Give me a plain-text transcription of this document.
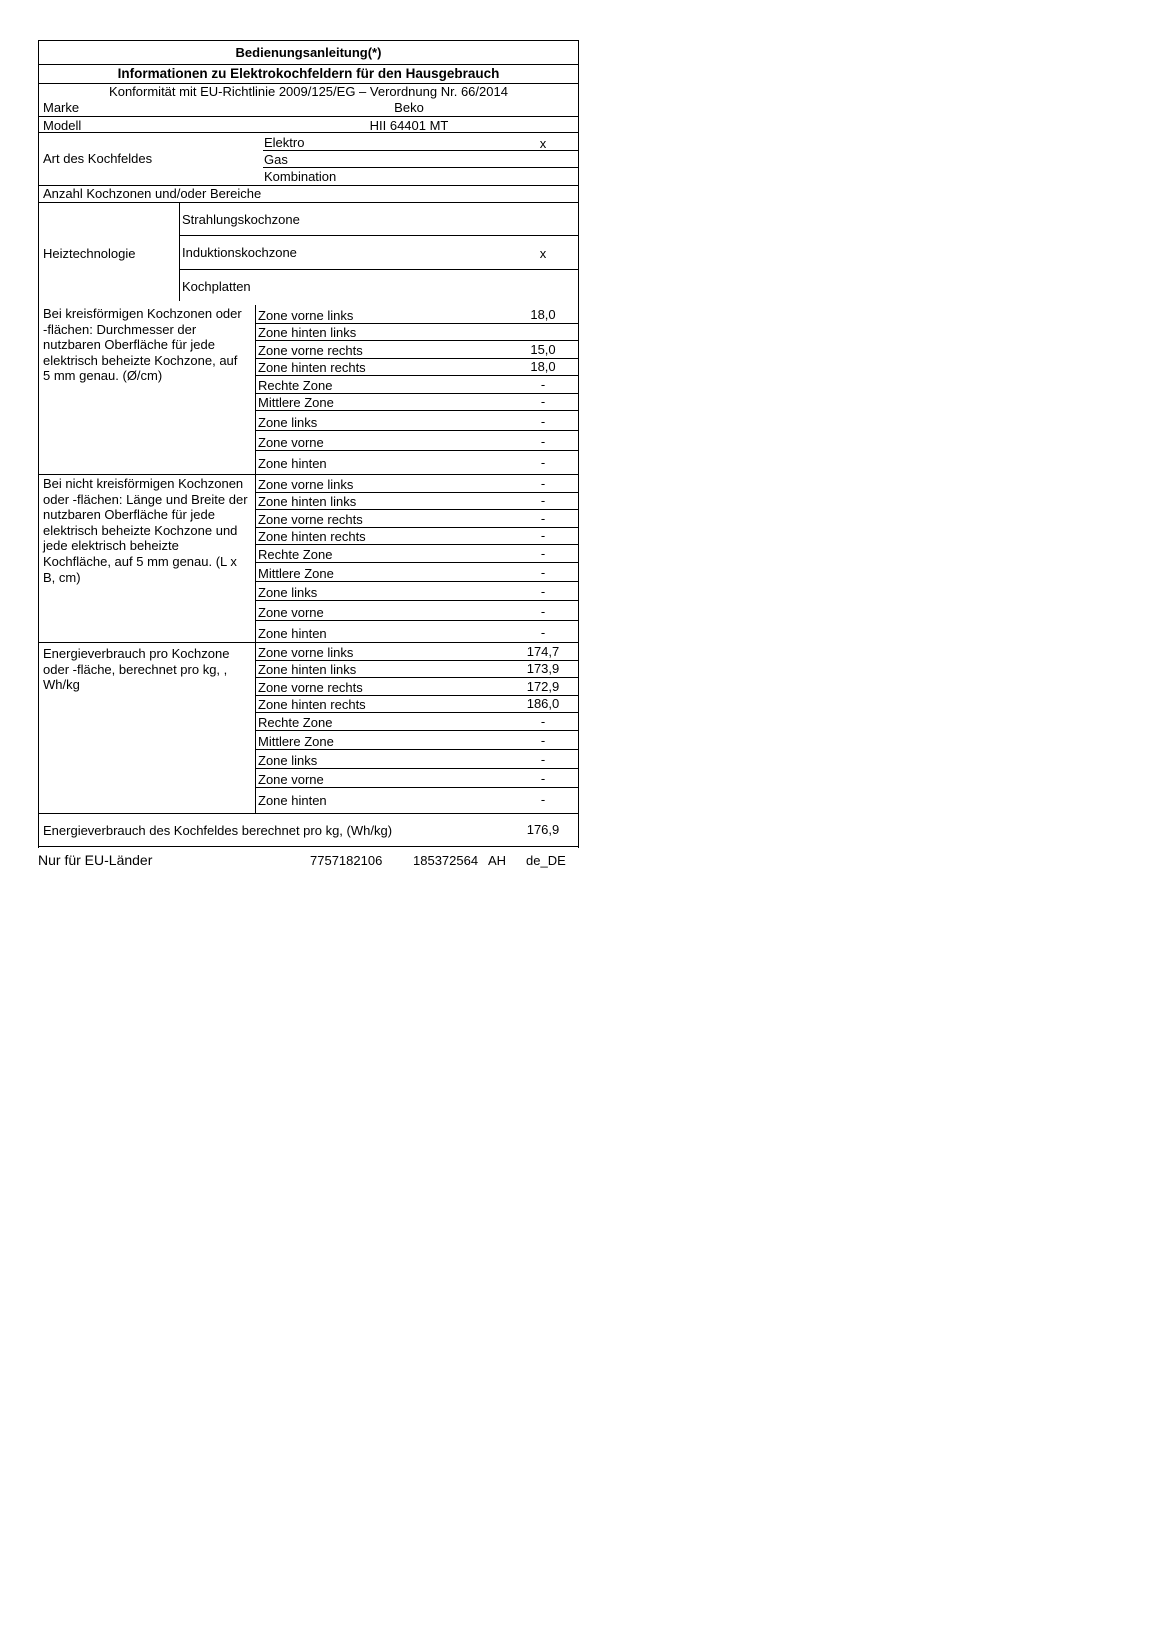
Bedienungsanleitung(*)
Informationen zu Elektrokochfeldern für den Hausgebrauch
Konformität mit EU-Richtlinie 2009/125/EG – Verordnung Nr. 66/2014
Marke	Beko
Modell	HII 64401 MT
Art des Kochfeldes
Elektro	x
Gas
Kombination
Anzahl Kochzonen und/oder Bereiche
Heiztechnologie
Strahlungskochzone
Induktionskochzone	x
Kochplatten
Bei kreisförmigen Kochzonen oder -flächen: Durchmesser der nutzbaren Oberfläche für jede elektrisch beheizte Kochzone, auf 5 mm genau. (Ø/cm)
Zone vorne links	18,0
Zone hinten links
Zone vorne rechts	15,0
Zone hinten rechts	18,0
Rechte Zone	-
Mittlere Zone	-
Zone links	-
Zone vorne	-
Zone hinten	-
Bei nicht kreisförmigen Kochzonen oder -flächen: Länge und Breite der nutzbaren Oberfläche für jede elektrisch beheizte Kochzone und jede elektrisch beheizte Kochfläche, auf 5 mm genau. (L x B, cm)
Zone vorne links	-
Zone hinten links	-
Zone vorne rechts	-
Zone hinten rechts	-
Rechte Zone	-
Mittlere Zone	-
Zone links	-
Zone vorne	-
Zone hinten	-
Energieverbrauch pro Kochzone oder -fläche, berechnet pro kg, , Wh/kg
Zone vorne links	174,7
Zone hinten links	173,9
Zone vorne rechts	172,9
Zone hinten rechts	186,0
Rechte Zone	-
Mittlere Zone	-
Zone links	-
Zone vorne	-
Zone hinten	-
Energieverbrauch des Kochfeldes berechnet pro kg, (Wh/kg)	176,9
Nur für EU-Länder	7757182106 185372564 AH de_DE
